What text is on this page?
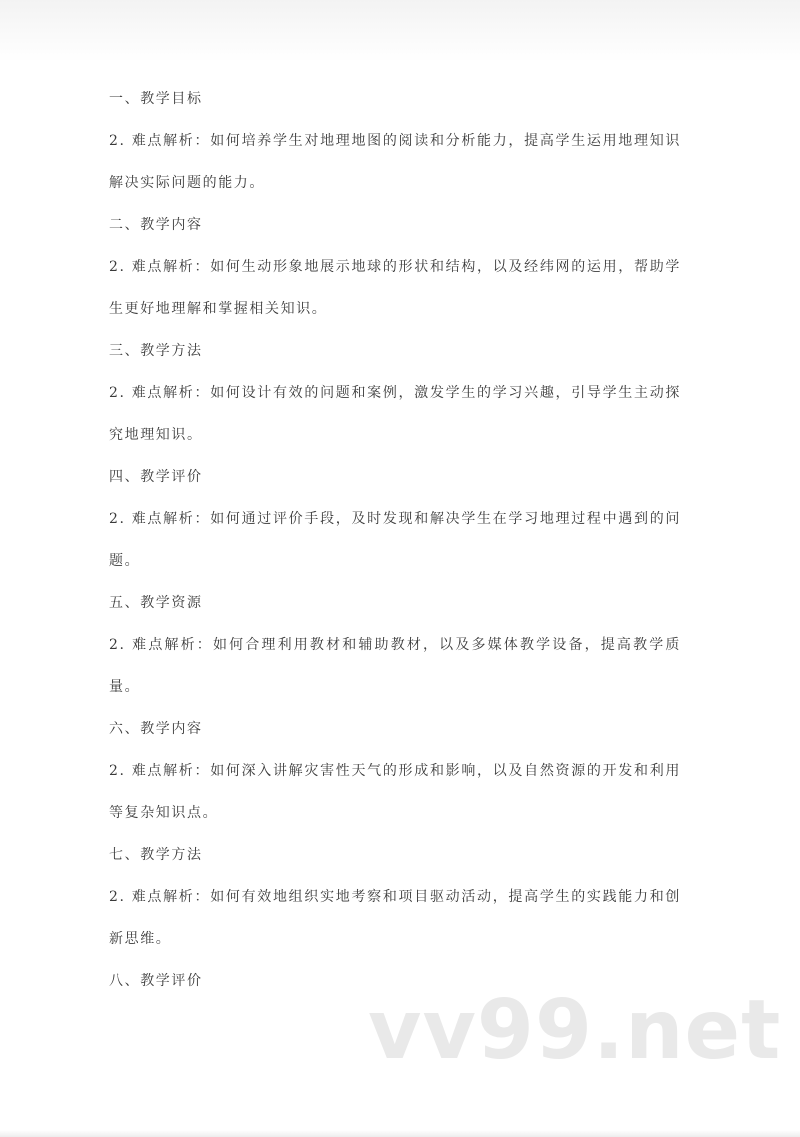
一、教学目标
2. 难点解析：如何培养学生对地理地图的阅读和分析能力，提高学生运用地理知识解决实际问题的能力。
二、教学内容
2. 难点解析：如何生动形象地展示地球的形状和结构，以及经纬网的运用，帮助学生更好地理解和掌握相关知识。
三、教学方法
2. 难点解析：如何设计有效的问题和案例，激发学生的学习兴趣，引导学生主动探究地理知识。
四、教学评价
2. 难点解析：如何通过评价手段，及时发现和解决学生在学习地理过程中遇到的问题。
五、教学资源
2. 难点解析：如何合理利用教材和辅助教材，以及多媒体教学设备，提高教学质量。
六、教学内容
2. 难点解析：如何深入讲解灾害性天气的形成和影响，以及自然资源的开发和利用等复杂知识点。
七、教学方法
2. 难点解析：如何有效地组织实地考察和项目驱动活动，提高学生的实践能力和创新思维。
八、教学评价
vv99.net
